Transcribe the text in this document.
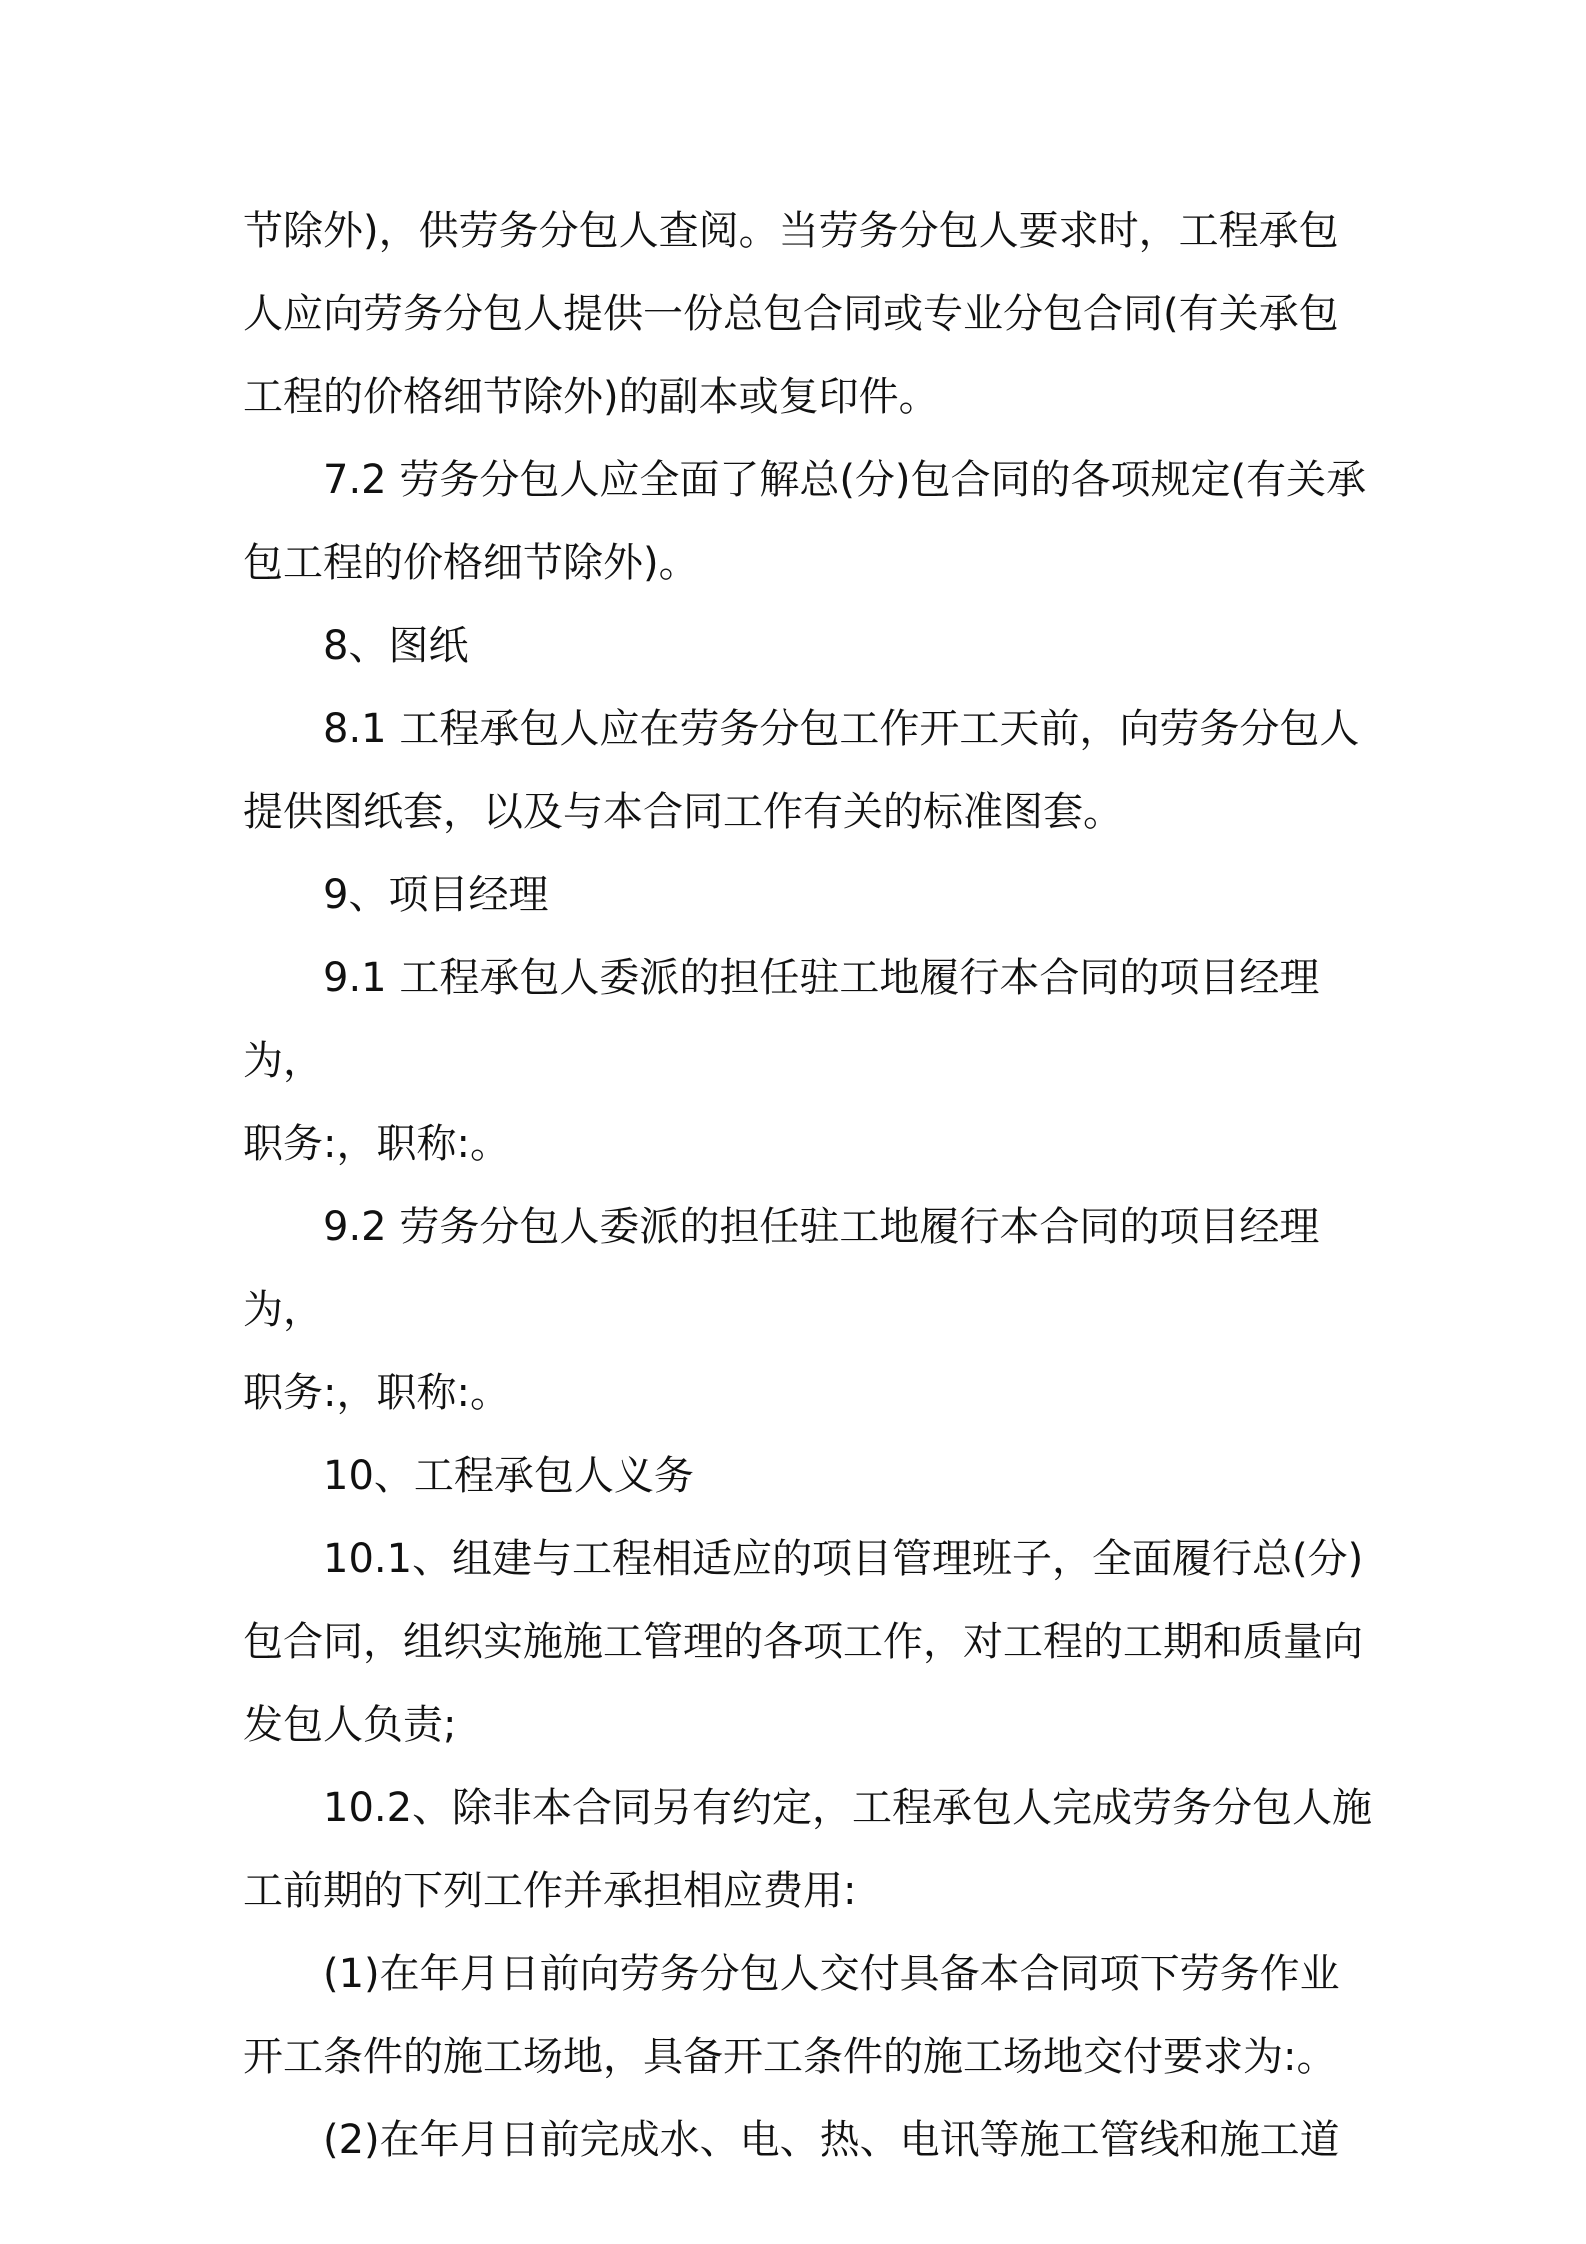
节除外)，供劳务分包人查阅。当劳务分包人要求时，工程承包
人应向劳务分包人提供一份总包合同或专业分包合同(有关承包
工程的价格细节除外)的副本或复印件。
7.2 劳务分包人应全面了解总(分)包合同的各项规定(有关承
包工程的价格细节除外)。
8、图纸
8.1 工程承包人应在劳务分包工作开工天前，向劳务分包人
提供图纸套，以及与本合同工作有关的标准图套。
9、项目经理
9.1 工程承包人委派的担任驻工地履行本合同的项目经理为，
职务:，职称:。
9.2 劳务分包人委派的担任驻工地履行本合同的项目经理为，
职务:，职称:。
10、工程承包人义务
10.1、组建与工程相适应的项目管理班子，全面履行总(分)
包合同，组织实施施工管理的各项工作，对工程的工期和质量向
发包人负责;
10.2、除非本合同另有约定，工程承包人完成劳务分包人施
工前期的下列工作并承担相应费用:
(1)在年月日前向劳务分包人交付具备本合同项下劳务作业
开工条件的施工场地，具备开工条件的施工场地交付要求为:。
(2)在年月日前完成水、电、热、电讯等施工管线和施工道
